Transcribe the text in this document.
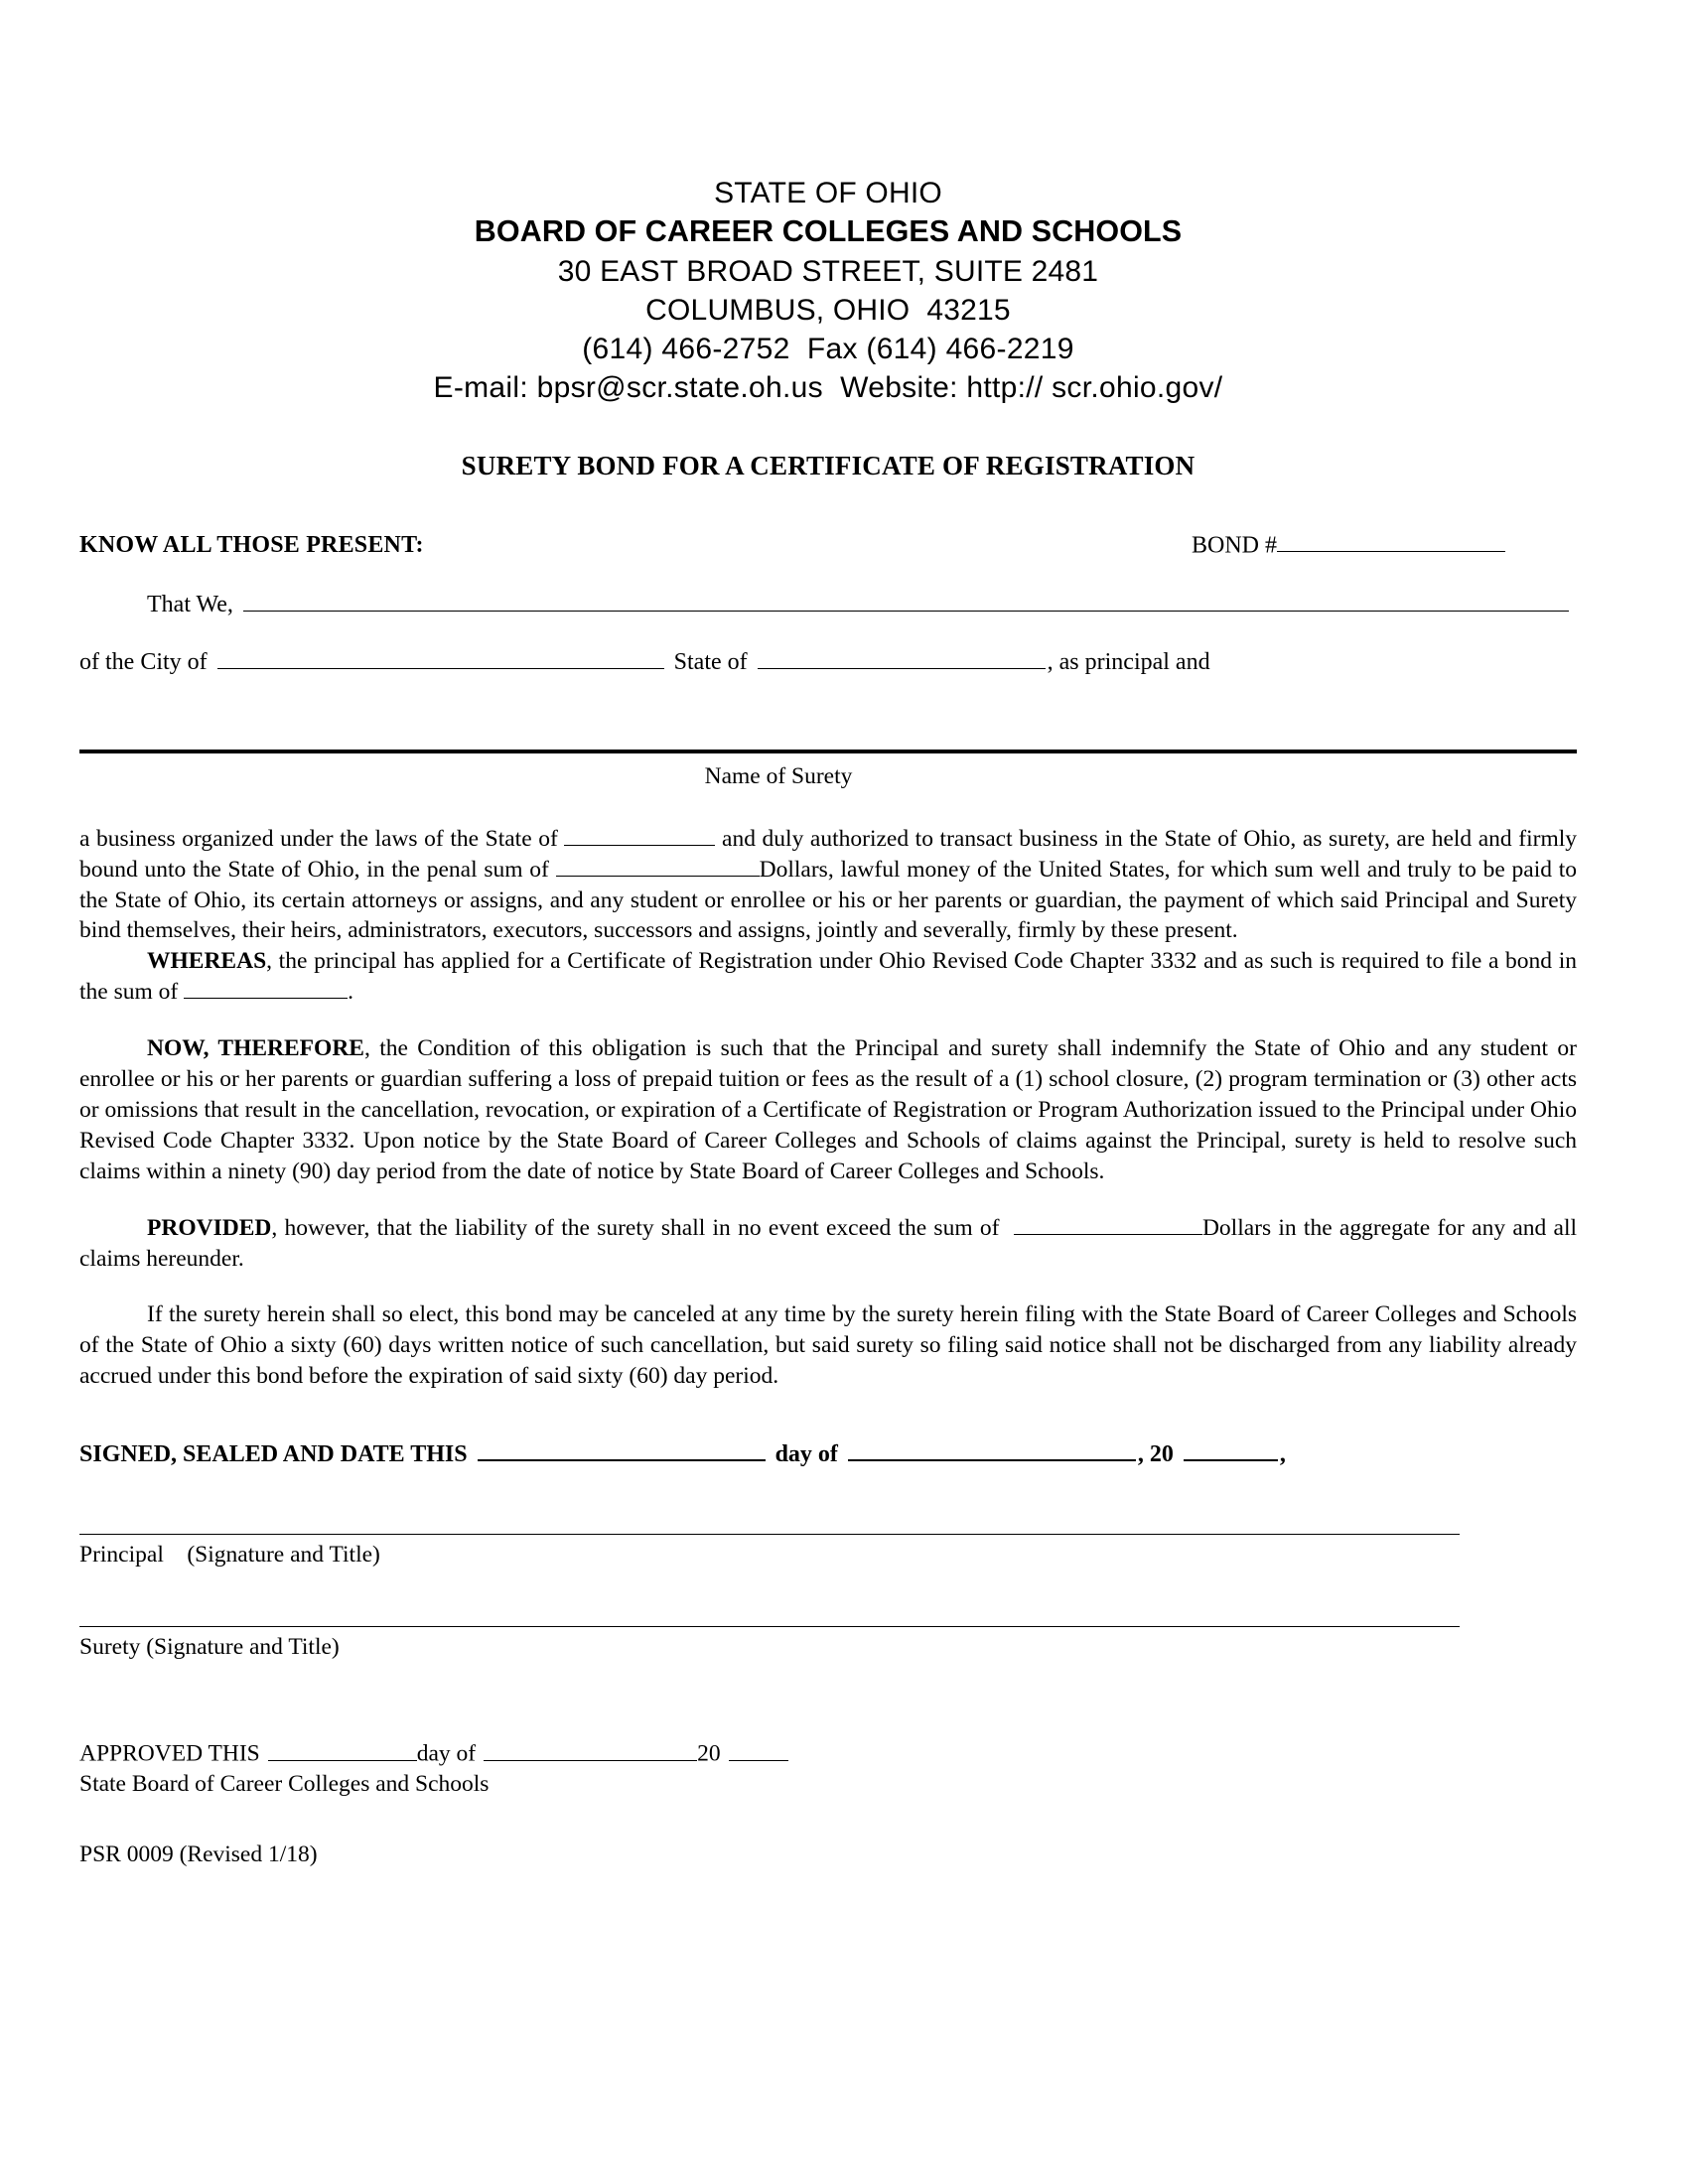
STATE OF OHIO
BOARD OF CAREER COLLEGES AND SCHOOLS
30 EAST BROAD STREET, SUITE 2481
COLUMBUS, OHIO  43215
(614) 466-2752  Fax (614) 466-2219
E-mail: bpsr@scr.state.oh.us  Website: http:// scr.ohio.gov/
SURETY BOND FOR A CERTIFICATE OF REGISTRATION
KNOW ALL THOSE PRESENT:	BOND #
That We,
of the City of	State of	, as principal and
Name of Surety

a business organized under the laws of the State of	and duly authorized to transact business in the State of Ohio, as surety, are held and firmly bound unto the State of Ohio, in the penal sum of	Dollars, lawful money of the United States, for which sum well and truly to be paid to the State of Ohio, its certain attorneys or assigns, and any student or enrollee or his or her parents or guardian, the payment of which said Principal and Surety bind themselves, their heirs, administrators, executors, successors and assigns, jointly and severally, firmly by these present.

WHEREAS, the principal has applied for a Certificate of Registration under Ohio Revised Code Chapter 3332 and as such is required to file a bond in the sum of	.

NOW, THEREFORE, the Condition of this obligation is such that the Principal and surety shall indemnify the State of Ohio and any student or enrollee or his or her parents or guardian suffering a loss of prepaid tuition or fees as the result of a (1) school closure, (2) program termination or (3) other acts or omissions that result in the cancellation, revocation, or expiration of a Certificate of Registration or Program Authorization issued to the Principal under Ohio Revised Code Chapter 3332. Upon notice by the State Board of Career Colleges and Schools of claims against the Principal, surety is held to resolve such claims within a ninety (90) day period from the date of notice by State Board of Career Colleges and Schools.

PROVIDED, however, that the liability of the surety shall in no event exceed the sum of	Dollars in the aggregate for any and all claims hereunder.

If the surety herein shall so elect, this bond may be canceled at any time by the surety herein filing with the State Board of Career Colleges and Schools of the State of Ohio a sixty (60) days written notice of such cancellation, but said surety so filing said notice shall not be discharged from any liability already accrued under this bond before the expiration of said sixty (60) day period.

SIGNED, SEALED AND DATE THIS	day of	, 20	,
Principal    (Signature and Title)
Surety (Signature and Title)
APPROVED THIS	day of	20
State Board of Career Colleges and Schools
PSR 0009 (Revised 1/18)
